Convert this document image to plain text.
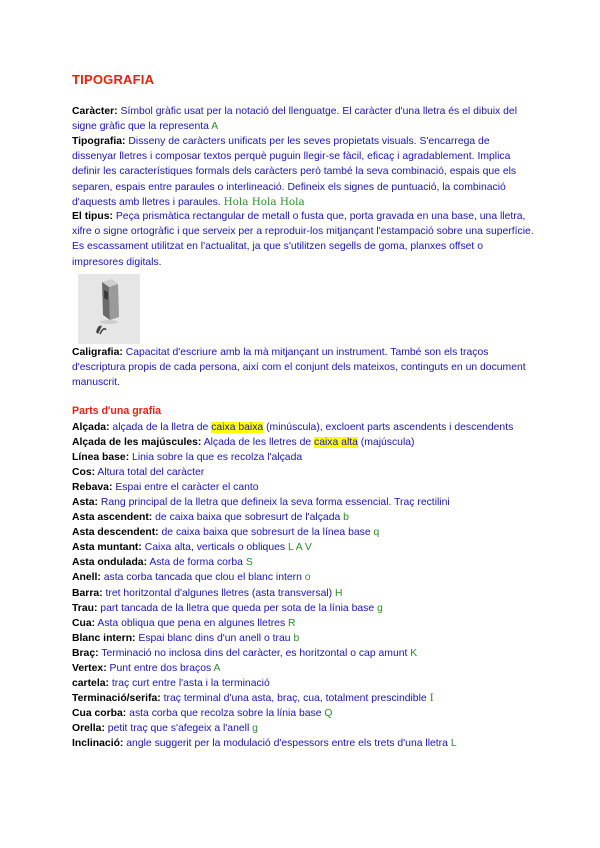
TIPOGRAFIA
Caràcter: Símbol gràfic usat per la notació del llenguatge. El caràcter d'una lletra és el dibuix del signe gràfic que la representa A
Tipografia: Disseny de caràcters unificats per les seves propietats visuals. S'encarrega de dissenyar lletres i composar textos perquè puguin llegir-se fàcil, eficaç i agradablement. Implica definir les característiques formals dels caràcters però també la seva combinació, espais que els separen, espais entre paraules o interlineació. Defineix els signes de puntuació, la combinació d'aquests amb lletres i paraules. Hola Hola Hola
El tipus: Peça prismàtica rectangular de metall o fusta que, porta gravada en una base, una lletra, xifre o signe ortogràfic i que serveix per a reproduir-los mitjançant l'estampació sobre una superfície. Es escassament utilitzat en l'actualitat, ja que s'utilitzen segells de goma, planxes offset o impresores digitals.
Caligrafia: Capacitat d'escriure amb la mà mitjançant un instrument. També son els traços d'escriptura propis de cada persona, així com el conjunt dels mateixos, continguts en un document manuscrit.
Parts d'una grafia
Alçada: alçada de la lletra de caixa baixa (minúscula), excloent parts ascendents i descendents
Alçada de les majúscules: Alçada de les lletres de caixa alta (majúscula)
Línea base: Linia sobre la que es recolza l'alçada
Cos: Altura total del caràcter
Rebava: Espai entre el caràcter el canto
Asta: Rang principal de la lletra que defineix la seva forma essencial. Traç rectilini
Asta ascendent: de caixa baixa que sobresurt de l'alçada b
Asta descendent: de caixa baixa que sobresurt de la línea base q
Asta muntant: Caixa alta, verticals o obliques L A V
Asta ondulada: Asta de forma corba S
Anell: asta corba tancada que clou el blanc intern o
Barra: tret horitzontal d'algunes lletres (asta transversal) H
Trau: part tancada de la lletra que queda per sota de la línia base g
Cua: Asta obliqua que pena en algunes lletres R
Blanc intern: Espai blanc dins d'un anell o trau b
Braç: Terminació no inclosa dins del caràcter, es horitzontal o cap amunt K
Vertex: Punt entre dos braços A
cartela: traç curt entre l'asta i la terminació
Terminació/serifa: traç terminal d'una asta, braç, cua, totalment prescindible I
Cua corba: asta corba que recolza sobre la línia base Q
Orella: petit traç que s'afegeix a l'anell g
Inclinació: angle suggerit per la modulació d'espessors entre els trets d'una lletra L
